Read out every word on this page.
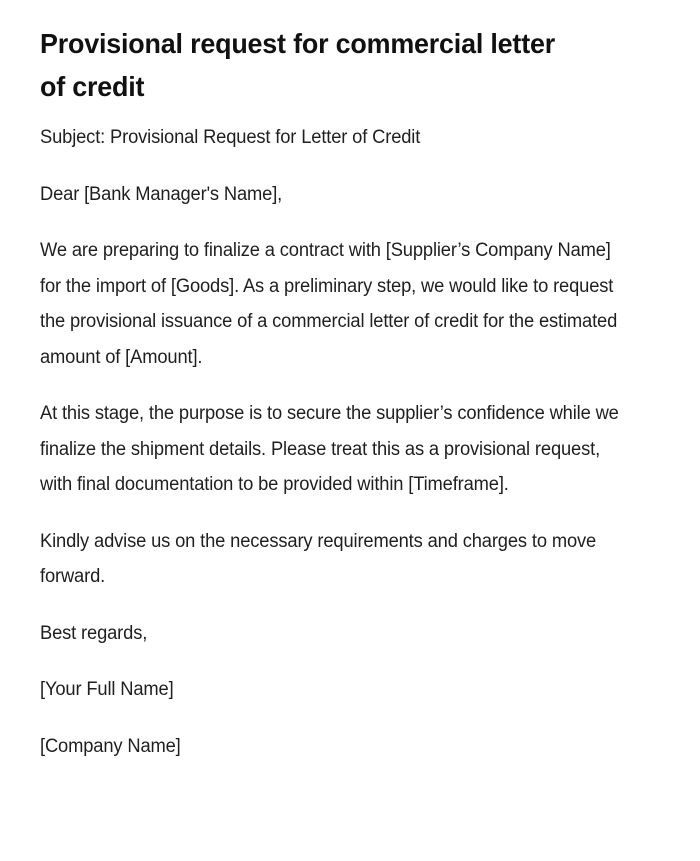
Provisional request for commercial letter of credit

Subject: Provisional Request for Letter of Credit

Dear [Bank Manager's Name],

We are preparing to finalize a contract with [Supplier’s Company Name] for the import of [Goods]. As a preliminary step, we would like to request the provisional issuance of a commercial letter of credit for the estimated amount of [Amount].

At this stage, the purpose is to secure the supplier’s confidence while we finalize the shipment details. Please treat this as a provisional request, with final documentation to be provided within [Timeframe].

Kindly advise us on the necessary requirements and charges to move forward.

Best regards,

[Your Full Name]

[Company Name]
